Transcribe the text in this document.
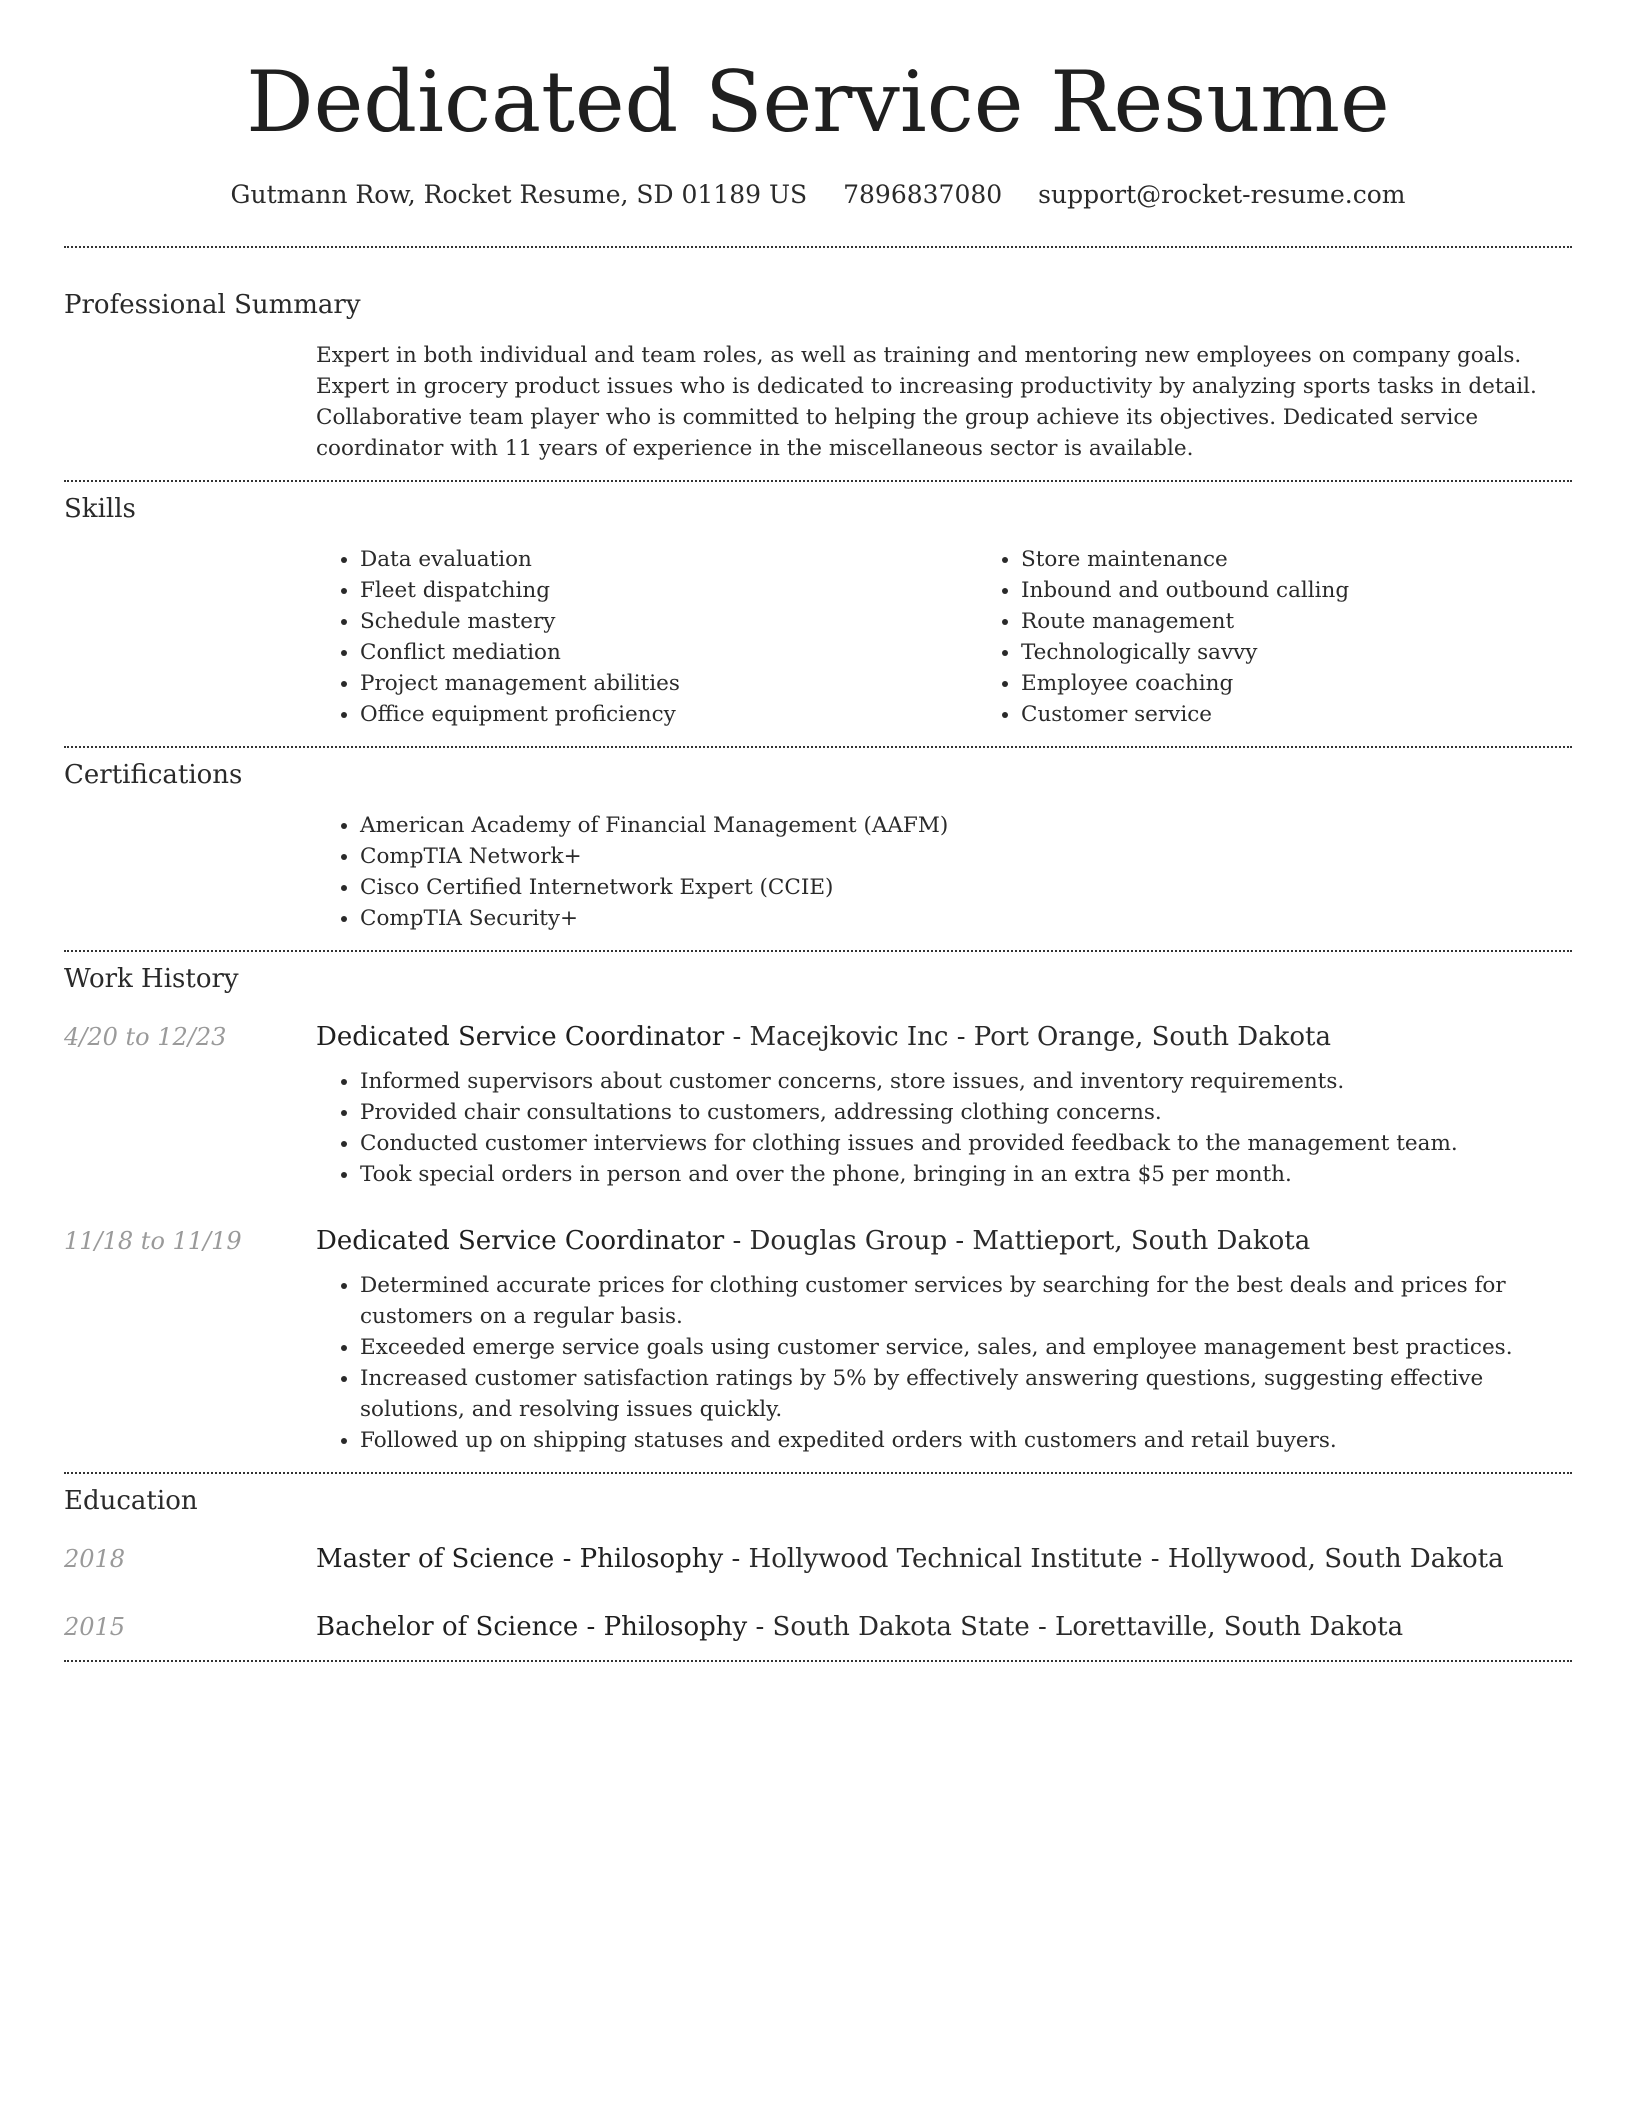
Dedicated Service Resume
Gutmann Row, Rocket Resume, SD 01189 US 7896837080 support@rocket-resume.com
Professional Summary
Expert in both individual and team roles, as well as training and mentoring new employees on company goals. Expert in grocery product issues who is dedicated to increasing productivity by analyzing sports tasks in detail. Collaborative team player who is committed to helping the group achieve its objectives. Dedicated service coordinator with 11 years of experience in the miscellaneous sector is available.
Skills
• Data evaluation
• Fleet dispatching
• Schedule mastery
• Conflict mediation
• Project management abilities
• Office equipment proficiency
• Store maintenance
• Inbound and outbound calling
• Route management
• Technologically savvy
• Employee coaching
• Customer service
Certifications
• American Academy of Financial Management (AAFM)
• CompTIA Network+
• Cisco Certified Internetwork Expert (CCIE)
• CompTIA Security+
Work History
4/20 to 12/23	Dedicated Service Coordinator - Macejkovic Inc - Port Orange, South Dakota
• Informed supervisors about customer concerns, store issues, and inventory requirements.
• Provided chair consultations to customers, addressing clothing concerns.
• Conducted customer interviews for clothing issues and provided feedback to the management team.
• Took special orders in person and over the phone, bringing in an extra $5 per month.
11/18 to 11/19	Dedicated Service Coordinator - Douglas Group - Mattieport, South Dakota
• Determined accurate prices for clothing customer services by searching for the best deals and prices for customers on a regular basis.
• Exceeded emerge service goals using customer service, sales, and employee management best practices.
• Increased customer satisfaction ratings by 5% by effectively answering questions, suggesting effective solutions, and resolving issues quickly.
• Followed up on shipping statuses and expedited orders with customers and retail buyers.
Education
2018	Master of Science - Philosophy - Hollywood Technical Institute - Hollywood, South Dakota
2015	Bachelor of Science - Philosophy - South Dakota State - Lorettaville, South Dakota
